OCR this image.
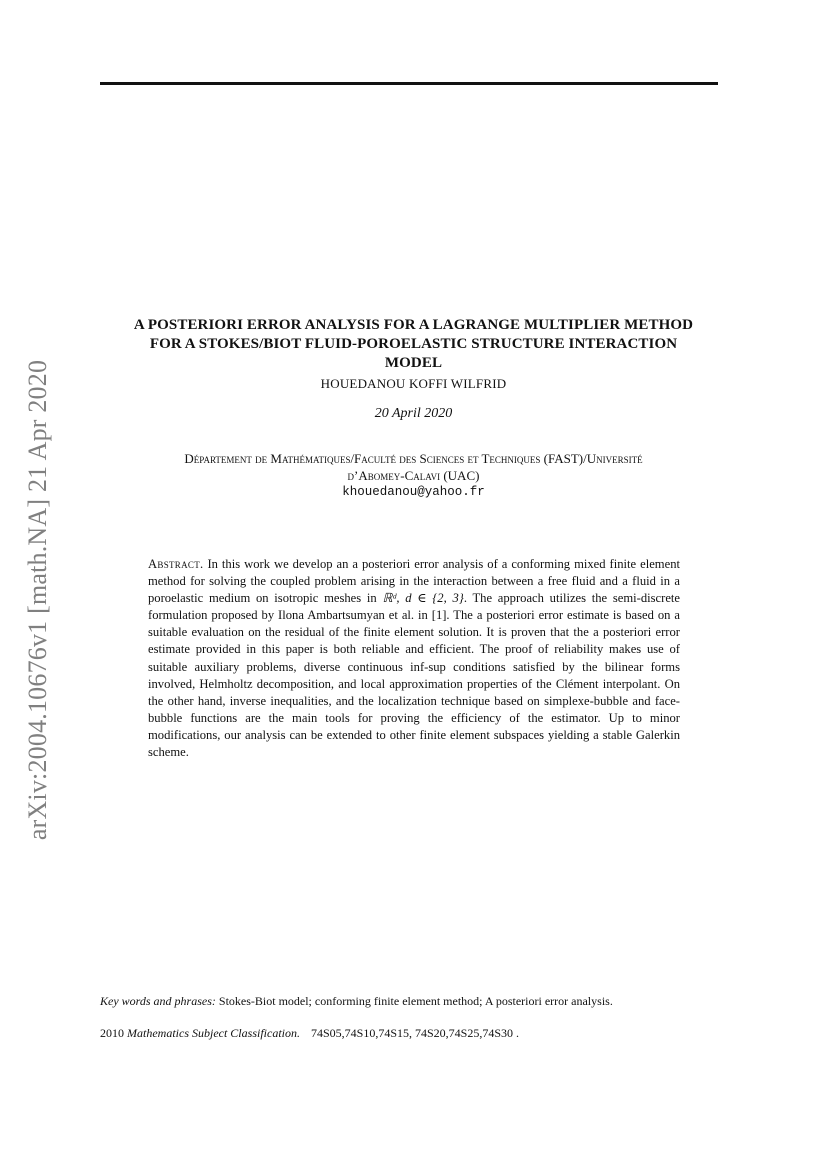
arXiv:2004.10676v1 [math.NA] 21 Apr 2020
A POSTERIORI ERROR ANALYSIS FOR A LAGRANGE MULTIPLIER METHOD
FOR A STOKES/BIOT FLUID-POROELASTIC STRUCTURE INTERACTION
MODEL
HOUEDANOU KOFFI WILFRID
20 April 2020
Département de Mathématiques/Faculté des Sciences et Techniques (FAST)/Université
d’Abomey-Calavi (UAC)
khouedanou@yahoo.fr
Abstract. In this work we develop an a posteriori error analysis of a conforming mixed finite element method for solving the coupled problem arising in the interaction between a free fluid and a fluid in a poroelastic medium on isotropic meshes in ℝᵈ, d ∈ {2, 3}. The approach utilizes the semi-discrete formulation proposed by Ilona Ambartsumyan et al. in [1]. The a posteriori error estimate is based on a suitable evaluation on the residual of the finite element solution. It is proven that the a posteriori error estimate provided in this paper is both reliable and efficient. The proof of reliability makes use of suitable auxiliary problems, diverse continuous inf-sup conditions satisfied by the bilinear forms involved, Helmholtz decomposition, and local approximation properties of the Clément interpolant. On the other hand, inverse inequalities, and the localization technique based on simplexe-bubble and face-bubble functions are the main tools for proving the efficiency of the estimator. Up to minor modifications, our analysis can be extended to other finite element subspaces yielding a stable Galerkin scheme.
Key words and phrases: Stokes-Biot model; conforming finite element method; A posteriori error analysis.
2010 Mathematics Subject Classification. 74S05,74S10,74S15, 74S20,74S25,74S30 .
